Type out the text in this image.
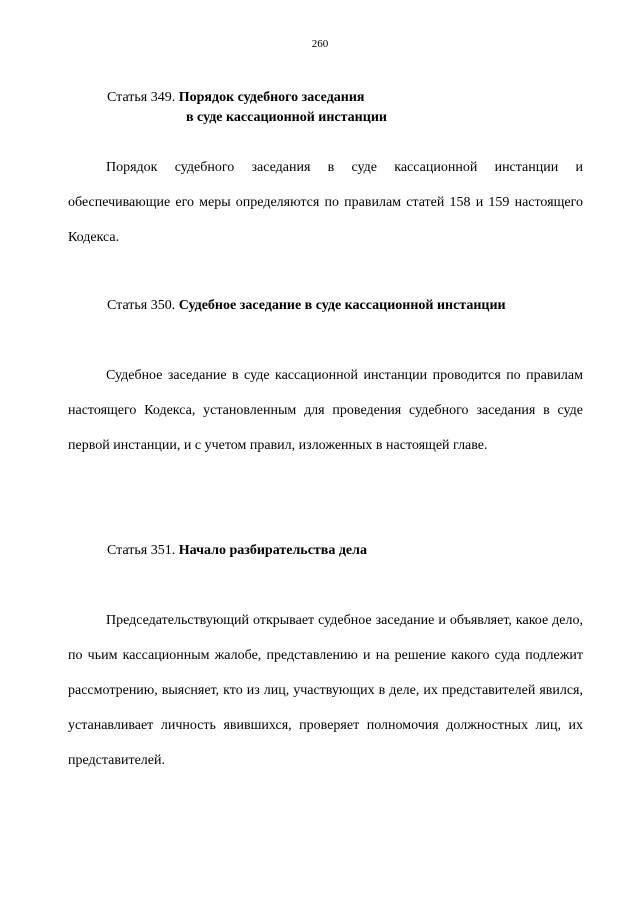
260
Статья 349. Порядок судебного заседания
в суде кассационной инстанции

Порядок судебного заседания в суде кассационной инстанции и обеспечивающие его меры определяются по правилам статей 158 и 159 настоящего Кодекса.

Статья 350. Судебное заседание в суде кассационной инстанции

Судебное заседание в суде кассационной инстанции проводится по правилам настоящего Кодекса, установленным для проведения судебного заседания в суде первой инстанции, и с учетом правил, изложенных в настоящей главе.

Статья 351. Начало разбирательства дела

Председательствующий открывает судебное заседание и объявляет, какое дело, по чьим кассационным жалобе, представлению и на решение какого суда подлежит рассмотрению, выясняет, кто из лиц, участвующих в деле, их представителей явился, устанавливает личность явившихся, проверяет полномочия должностных лиц, их представителей.
